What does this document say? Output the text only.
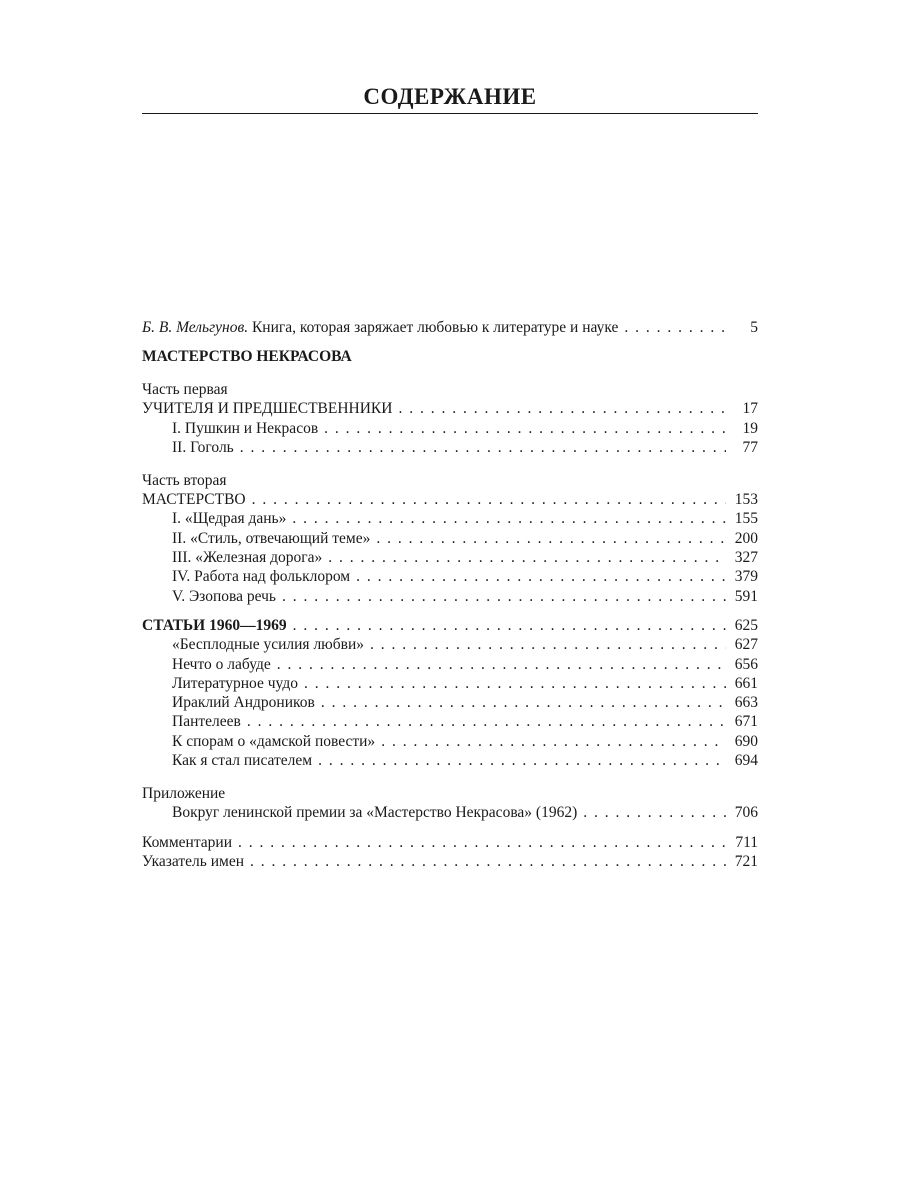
СОДЕРЖАНИЕ
Б. В. Мельгунов. Книга, которая заряжает любовью к литературе и науке . . .	5
МАСТЕРСТВО НЕКРАСОВА
Часть первая
УЧИТЕЛЯ И ПРЕДШЕСТВЕННИКИ . . .	17
I. Пушкин и Некрасов . . .	19
II. Гоголь . . .	77
Часть вторая
МАСТЕРСТВО . . .	153
I. «Щедрая дань» . . .	155
II. «Стиль, отвечающий теме» . . .	200
III. «Железная дорога» . . .	327
IV. Работа над фольклором . . .	379
V. Эзопова речь . . .	591
СТАТЬИ 1960—1969 . . .	625
«Бесплодные усилия любви» . . .	627
Нечто о лабуде . . .	656
Литературное чудо . . .	661
Ираклий Андроников . . .	663
Пантелеев . . .	671
К спорам о «дамской повести» . . .	690
Как я стал писателем . . .	694
Приложение
Вокруг ленинской премии за «Мастерство Некрасова» (1962) . . .	706
Комментарии . . .	711
Указатель имен . . .	721
